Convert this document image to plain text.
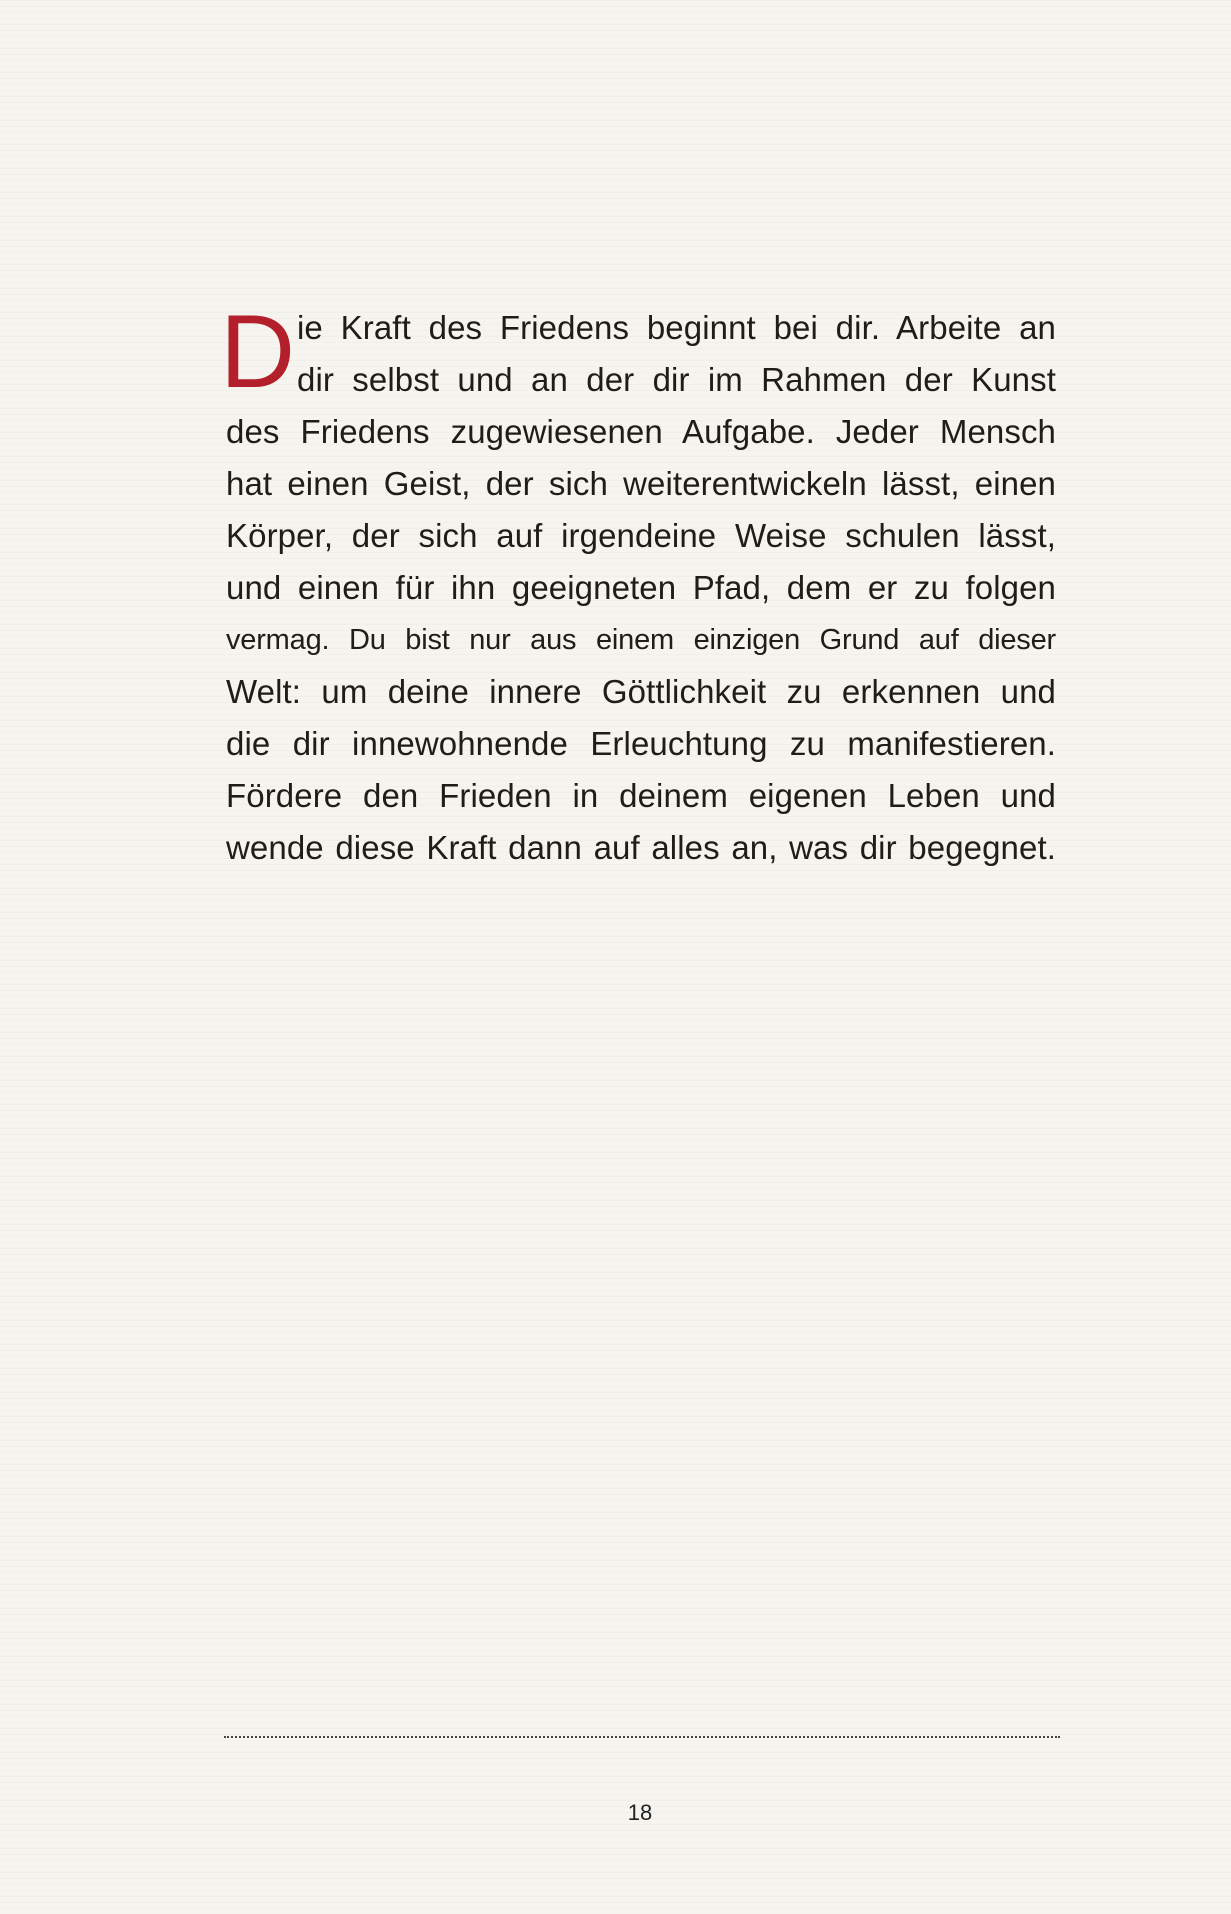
D ie Kraft des Friedens beginnt bei dir. Arbeite an
dir selbst und an der dir im Rahmen der Kunst
des Friedens zugewiesenen Aufgabe. Jeder Mensch
hat einen Geist, der sich weiterentwickeln lässt, einen
Körper, der sich auf irgendeine Weise schulen lässt,
und einen für ihn geeigneten Pfad, dem er zu folgen
vermag. Du bist nur aus einem einzigen Grund auf dieser
Welt: um deine innere Göttlichkeit zu erkennen und
die dir innewohnende Erleuchtung zu manifestieren.
Fördere den Frieden in deinem eigenen Leben und
wende diese Kraft dann auf alles an, was dir begegnet.
18
